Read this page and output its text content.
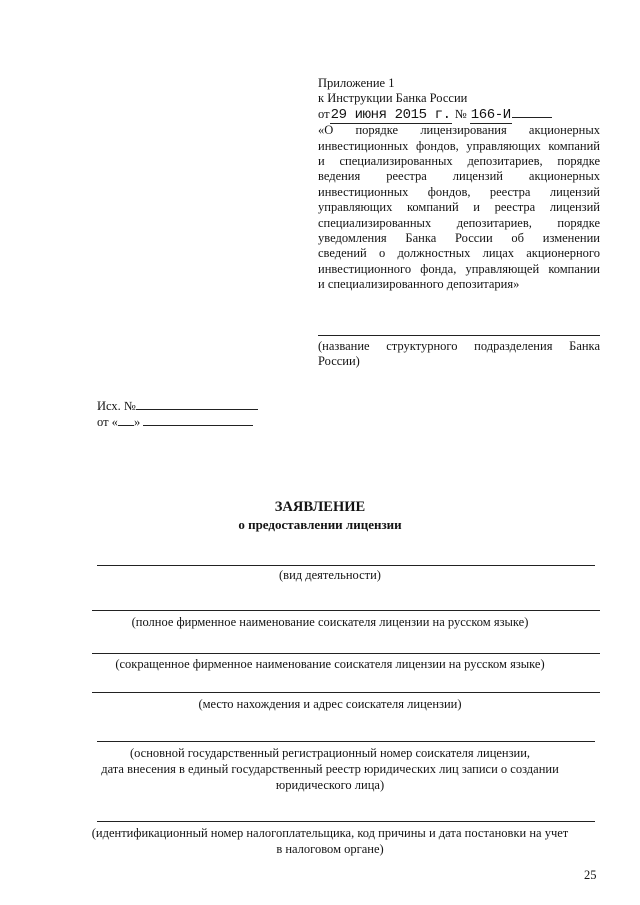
Приложение 1
к Инструкции Банка России
от29 июня 2015 г. № 166-И
«О порядке лицензирования акционерных
инвестиционных фондов, управляющих компаний
и специализированных депозитариев, порядке
ведения реестра лицензий акционерных
инвестиционных фондов, реестра лицензий
управляющих компаний и реестра лицензий
специализированных депозитариев, порядке
уведомления Банка России об изменении
сведений о должностных лицах акционерного
инвестиционного фонда, управляющей компании
и специализированного депозитария»
(название структурного подразделения Банка
России)
Исх. №
от « »
ЗАЯВЛЕНИЕ
о предоставлении лицензии
(вид деятельности)
(полное фирменное наименование соискателя лицензии на русском языке)
(сокращенное фирменное наименование соискателя лицензии на русском языке)
(место нахождения и адрес соискателя лицензии)
(основной государственный регистрационный номер соискателя лицензии,
дата внесения в единый государственный реестр юридических лиц записи о создании
юридического лица)
(идентификационный номер налогоплательщика, код причины и дата постановки на учет
в налоговом органе)
25
